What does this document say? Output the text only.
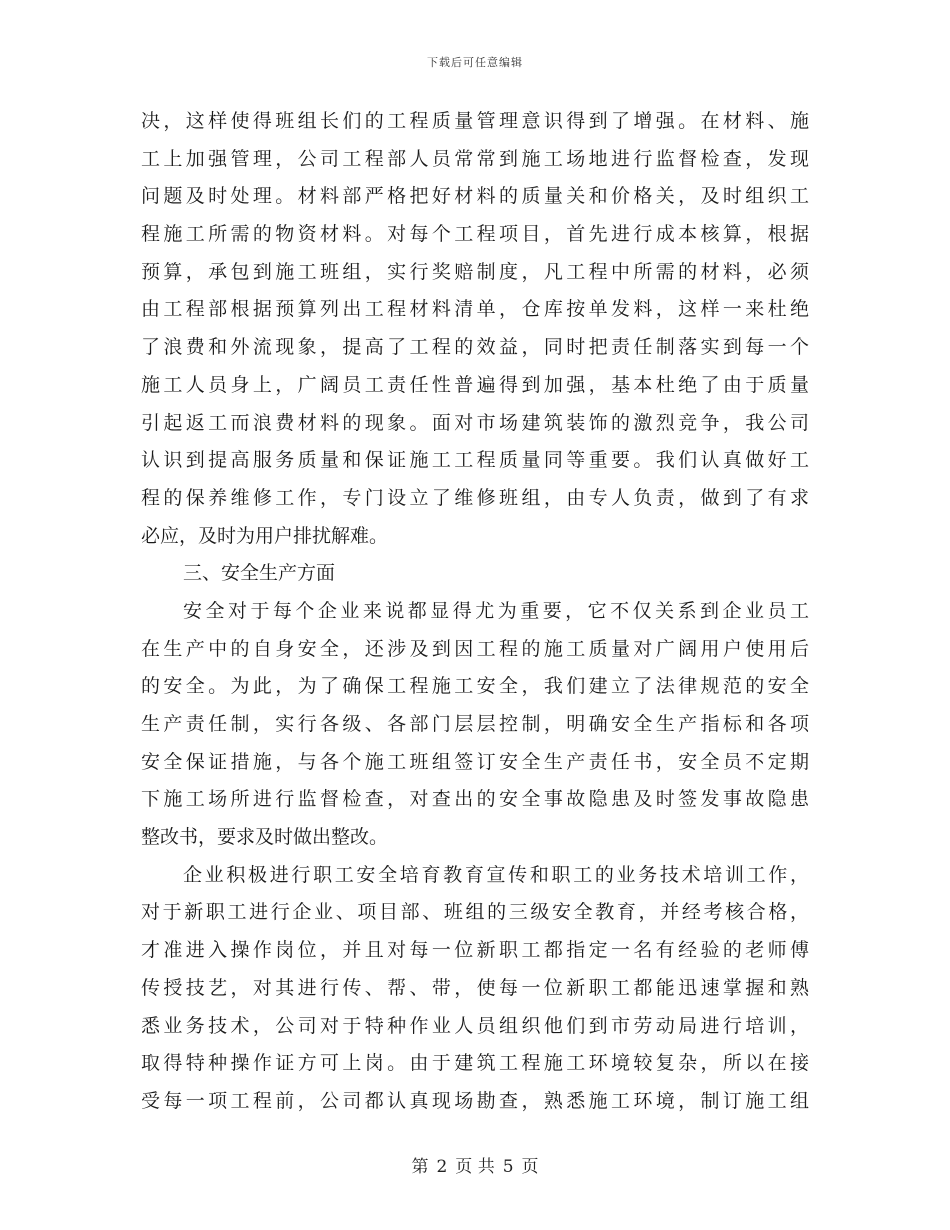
下载后可任意编辑
决，这样使得班组长们的工程质量管理意识得到了增强。在材料、施
工上加强管理，公司工程部人员常常到施工场地进行监督检查，发现
问题及时处理。材料部严格把好材料的质量关和价格关，及时组织工
程施工所需的物资材料。对每个工程项目，首先进行成本核算，根据
预算，承包到施工班组，实行奖赔制度，凡工程中所需的材料，必须
由工程部根据预算列出工程材料清单，仓库按单发料，这样一来杜绝
了浪费和外流现象，提高了工程的效益，同时把责任制落实到每一个
施工人员身上，广阔员工责任性普遍得到加强，基本杜绝了由于质量
引起返工而浪费材料的现象。面对市场建筑装饰的激烈竞争，我公司
认识到提高服务质量和保证施工工程质量同等重要。我们认真做好工
程的保养维修工作，专门设立了维修班组，由专人负责，做到了有求
必应，及时为用户排扰解难。
三、安全生产方面
安全对于每个企业来说都显得尤为重要，它不仅关系到企业员工
在生产中的自身安全，还涉及到因工程的施工质量对广阔用户使用后
的安全。为此，为了确保工程施工安全，我们建立了法律规范的安全
生产责任制，实行各级、各部门层层控制，明确安全生产指标和各项
安全保证措施，与各个施工班组签订安全生产责任书，安全员不定期
下施工场所进行监督检查，对查出的安全事故隐患及时签发事故隐患
整改书，要求及时做出整改。
企业积极进行职工安全培育教育宣传和职工的业务技术培训工作，
对于新职工进行企业、项目部、班组的三级安全教育，并经考核合格，
才准进入操作岗位，并且对每一位新职工都指定一名有经验的老师傅
传授技艺，对其进行传、帮、带，使每一位新职工都能迅速掌握和熟
悉业务技术，公司对于特种作业人员组织他们到市劳动局进行培训，
取得特种操作证方可上岗。由于建筑工程施工环境较复杂，所以在接
受每一项工程前，公司都认真现场勘查，熟悉施工环境，制订施工组
第 2 页 共 5 页
